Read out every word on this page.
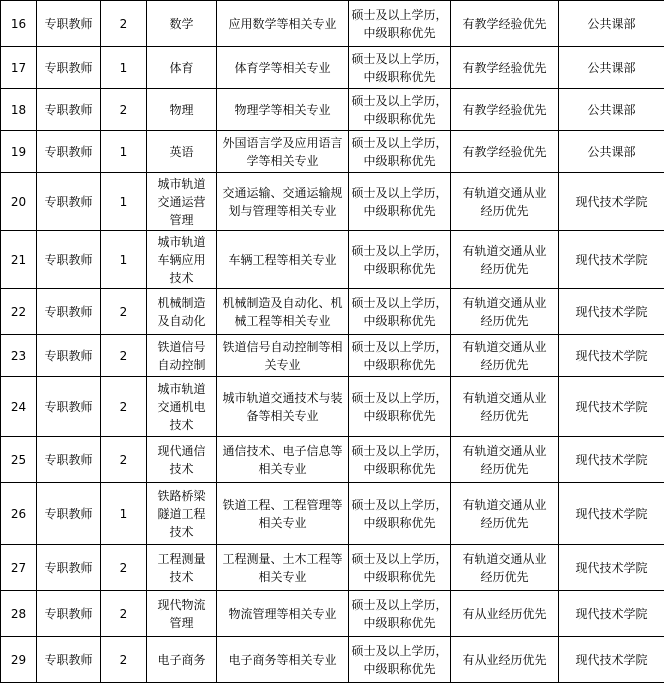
16	专职教师	2	数学	应用数学等相关专业	硕士及以上学历，
中级职称优先	有教学经验优先	公共课部
17	专职教师	1	体育	体育学等相关专业	硕士及以上学历，
中级职称优先	有教学经验优先	公共课部
18	专职教师	2	物理	物理学等相关专业	硕士及以上学历，
中级职称优先	有教学经验优先	公共课部
19	专职教师	1	英语	外国语言学及应用语言
学等相关专业	硕士及以上学历，
中级职称优先	有教学经验优先	公共课部
20	专职教师	1	城市轨道
交通运营
管理	交通运输、交通运输规
划与管理等相关专业	硕士及以上学历，
中级职称优先	有轨道交通从业
经历优先	现代技术学院
21	专职教师	1	城市轨道
车辆应用
技术	车辆工程等相关专业	硕士及以上学历，
中级职称优先	有轨道交通从业
经历优先	现代技术学院
22	专职教师	2	机械制造
及自动化	机械制造及自动化、机
械工程等相关专业	硕士及以上学历，
中级职称优先	有轨道交通从业
经历优先	现代技术学院
23	专职教师	2	铁道信号
自动控制	铁道信号自动控制等相
关专业	硕士及以上学历，
中级职称优先	有轨道交通从业
经历优先	现代技术学院
24	专职教师	2	城市轨道
交通机电
技术	城市轨道交通技术与装
备等相关专业	硕士及以上学历，
中级职称优先	有轨道交通从业
经历优先	现代技术学院
25	专职教师	2	现代通信
技术	通信技术、电子信息等
相关专业	硕士及以上学历，
中级职称优先	有轨道交通从业
经历优先	现代技术学院
26	专职教师	1	铁路桥梁
隧道工程
技术	铁道工程、工程管理等
相关专业	硕士及以上学历，
中级职称优先	有轨道交通从业
经历优先	现代技术学院
27	专职教师	2	工程测量
技术	工程测量、土木工程等
相关专业	硕士及以上学历，
中级职称优先	有轨道交通从业
经历优先	现代技术学院
28	专职教师	2	现代物流
管理	物流管理等相关专业	硕士及以上学历，
中级职称优先	有从业经历优先	现代技术学院
29	专职教师	2	电子商务	电子商务等相关专业	硕士及以上学历，
中级职称优先	有从业经历优先	现代技术学院
